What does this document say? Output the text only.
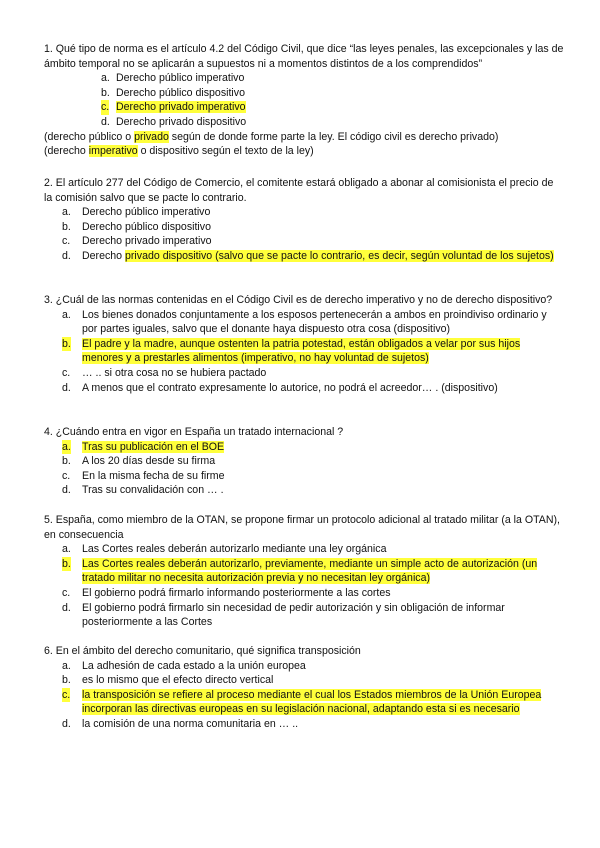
1. Qué tipo de norma es el artículo 4.2 del Código Civil, que dice “las leyes penales, las excepcionales y las de ámbito temporal no se aplicarán a supuestos ni a momentos distintos de a los comprendidos”

a. Derecho público imperativo
b. Derecho público dispositivo
c. Derecho privado imperativo
d. Derecho privado dispositivo

(derecho público o privado según de donde forme parte la ley. El código civil es derecho privado)

(derecho imperativo o dispositivo según el texto de la ley)

2. El artículo 277 del Código de Comercio, el comitente estará obligado a abonar al comisionista el precio de la comisión salvo que se pacte lo contrario.

a. Derecho público imperativo
b. Derecho público dispositivo
c. Derecho privado imperativo
d. Derecho privado dispositivo (salvo que se pacte lo contrario, es decir, según voluntad de los sujetos)

3. ¿Cuál de las normas contenidas en el Código Civil es de derecho imperativo y no de derecho dispositivo?

a. Los bienes donados conjuntamente a los esposos pertenecerán a ambos en proindiviso ordinario y por partes iguales, salvo que el donante haya dispuesto otra cosa (dispositivo)
b. El padre y la madre, aunque ostenten la patria potestad, están obligados a velar por sus hijos menores y a prestarles alimentos (imperativo, no hay voluntad de sujetos)
c. … .. si otra cosa no se hubiera pactado
d. A menos que el contrato expresamente lo autorice, no podrá el acreedor… . (dispositivo)

4. ¿Cuándo entra en vigor en España un tratado internacional ?

a. Tras su publicación en el BOE
b. A los 20 días desde su firma
c. En la misma fecha de su firme
d. Tras su convalidación con … .

5. España, como miembro de la OTAN, se propone firmar un protocolo adicional al tratado militar (a la OTAN), en consecuencia

a. Las Cortes reales deberán autorizarlo mediante una ley orgánica
b. Las Cortes reales deberán autorizarlo, previamente, mediante un simple acto de autorización (un tratado militar no necesita autorización previa y no necesitan ley orgánica)
c. El gobierno podrá firmarlo informando posteriormente a las cortes
d. El gobierno podrá firmarlo sin necesidad de pedir autorización y sin obligación de informar posteriormente a las Cortes

6. En el ámbito del derecho comunitario, qué significa transposición

a. La adhesión de cada estado a la unión europea
b. es lo mismo que el efecto directo vertical
c. la transposición se refiere al proceso mediante el cual los Estados miembros de la Unión Europea incorporan las directivas europeas en su legislación nacional, adaptando esta si es necesario
d. la comisión de una norma comunitaria en … ..
